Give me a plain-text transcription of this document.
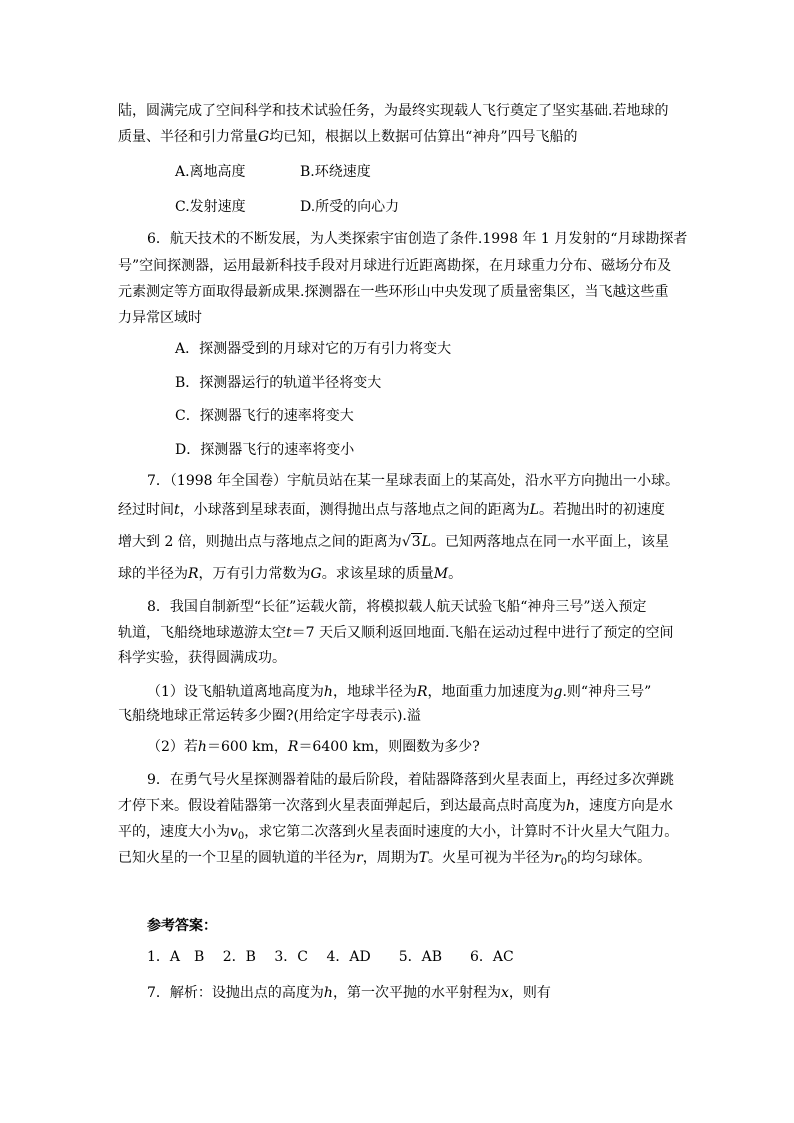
陆，圆满完成了空间科学和技术试验任务，为最终实现载人飞行奠定了坚实基础.若地球的
质量、半径和引力常量G均已知，根据以上数据可估算出“神舟”四号飞船的
A.离地高度	B.环绕速度
C.发射速度	D.所受的向心力
6．航天技术的不断发展，为人类探索宇宙创造了条件.1998 年 1 月发射的“月球勘探者
号”空间探测器，运用最新科技手段对月球进行近距离勘探，在月球重力分布、磁场分布及
元素测定等方面取得最新成果.探测器在一些环形山中央发现了质量密集区，当飞越这些重
力异常区域时
A．探测器受到的月球对它的万有引力将变大
B．探测器运行的轨道半径将变大
C．探测器飞行的速率将变大
D．探测器飞行的速率将变小
7．（1998 年全国卷）宇航员站在某一星球表面上的某高处，沿水平方向抛出一小球。
经过时间t，小球落到星球表面，测得抛出点与落地点之间的距离为L。若抛出时的初速度
增大到 2 倍，则抛出点与落地点之间的距离为√3L。已知两落地点在同一水平面上，该星
球的半径为R，万有引力常数为G。求该星球的质量M。
8．我国自制新型“长征”运载火箭，将模拟载人航天试验飞船“神舟三号”送入预定
轨道，飞船绕地球遨游太空t＝7 天后又顺利返回地面.飞船在运动过程中进行了预定的空间
科学实验，获得圆满成功。
（1）设飞船轨道离地高度为h，地球半径为R，地面重力加速度为g.则“神舟三号”
飞船绕地球正常运转多少圈?(用给定字母表示).溢
（2）若h＝600 km，R＝6400 km，则圈数为多少?
9．在勇气号火星探测器着陆的最后阶段，着陆器降落到火星表面上，再经过多次弹跳
才停下来。假设着陆器第一次落到火星表面弹起后，到达最高点时高度为h，速度方向是水
平的，速度大小为$v_0$，求它第二次落到火星表面时速度的大小，计算时不计火星大气阻力。
已知火星的一个卫星的圆轨道的半径为r，周期为T。火星可视为半径为$r_0$的均匀球体。
参考答案：
1．A　B　 2．B　 3．C　 4．AD　　5．AB　　6．AC
7．解析：设抛出点的高度为h，第一次平抛的水平射程为x，则有
